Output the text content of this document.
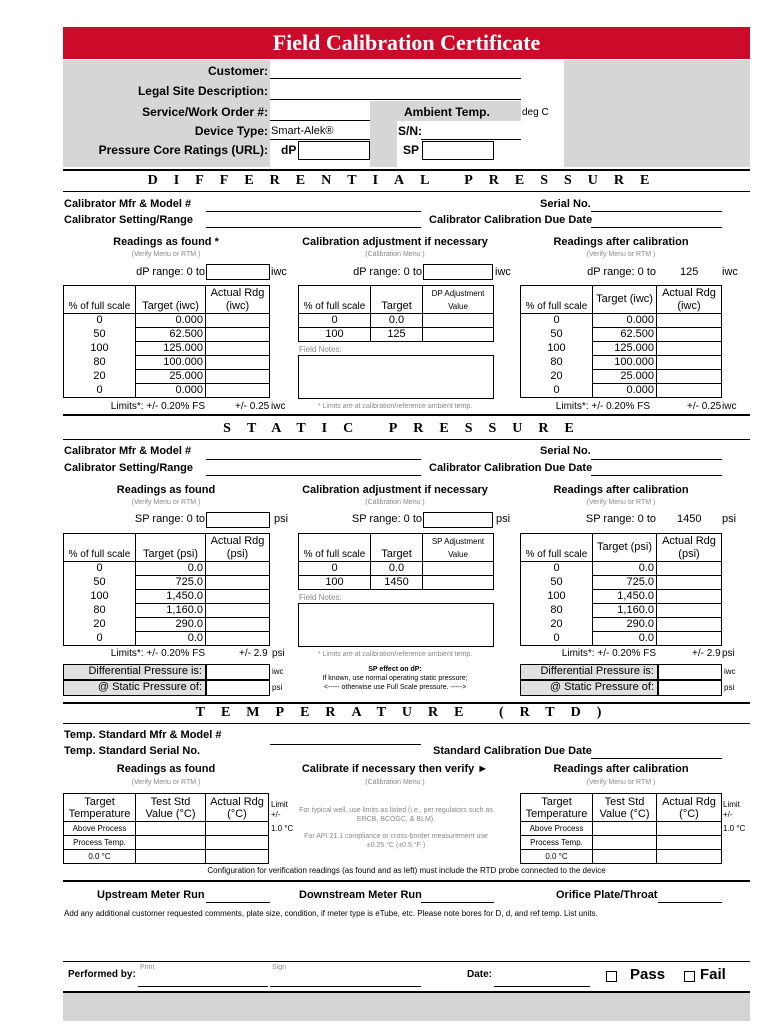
Field Calibration Certificate
Customer:
Legal Site Description:
Service/Work Order #:	Ambient Temp.	deg C
Device Type: Smart-Alek®	S/N:
Pressure Core Ratings (URL): dP	SP
DIFFERENTIAL PRESSURE
Calibrator Mfr & Model #	Serial No.
Calibrator Setting/Range	Calibrator Calibration Due Date
Readings as found *
(Verify Menu or RTM )
Calibration adjustment if necessary
(Calibration Menu )
Readings after calibration
(Verify Menu or RTM )
dP range: 0 to	iwc	dP range: 0 to	iwc	dP range: 0 to 125 iwc
% of full scale	Target (iwc)	Actual Rdg (iwc)

0	0.000	
50	62.500	
100	125.000	
80	100.000	
20	25.000	
0	0.000	
% of full scale	Target	DP Adjustment Value
0	0.0	
100	125	
Field Notes:
% of full scale	Target (iwc)	Actual Rdg (iwc)
0	0.000	
50	62.500	
100	125.000	
80	100.000	
20	25.000	
0	0.000	
Limits*: +/- 0.20% FS	+/- 0.25 iwc	* Limits are at calibration/reference ambient temp.	Limits*: +/- 0.20% FS	+/- 0.25 iwc
STATIC PRESSURE
Calibrator Mfr & Model #	Serial No.
Calibrator Setting/Range	Calibrator Calibration Due Date
Readings as found
(Verify Menu or RTM )
Calibration adjustment if necessary
(Calibration Menu )
Readings after calibration
(Verify Menu or RTM )
SP range: 0 to	psi	SP range: 0 to	psi	SP range: 0 to 1450 psi
% of full scale	Target (psi)	Actual Rdg (psi)
0	0.0	
50	725.0	
100	1,450.0	
80	1,160.0	
20	290.0	
0	0.0	
% of full scale	Target	SP Adjustment Value
0	0.0	
100	1450	
Field Notes:
% of full scale	Target (psi)	Actual Rdg (psi)
0	0.0	
50	725.0	
100	1,450.0	
80	1,160.0	
20	290.0	
0	0.0	
Limits*: +/- 0.20% FS	+/- 2.9 psi	* Limits are at calibration/reference ambient temp.	Limits*: +/- 0.20% FS	+/- 2.9 psi
Differential Pressure is:	iwc
@ Static Pressure of:	psi
SP effect on dP:
If known, use normal operating static pressure;
<----- otherwise use Full Scale pressure. ----->
Differential Pressure is:	iwc
@ Static Pressure of:	psi
TEMPERATURE (RTD)
Temp. Standard Mfr & Model #
Temp. Standard Serial No.	Standard Calibration Due Date
Readings as found
(Verify Menu or RTM )
Calibrate if necessary then verify ►
(Calibration Menu )
Readings after calibration
(Verify Menu or RTM )
Target Temperature	Test Std Value (°C)	Actual Rdg (°C)
Above Process		
Process Temp.		
0.0 °C		
Limit
+/-
1.0 °C
For typical well, use limits as listed (i.e., per regulators such as ERCB, BCOGC, & BLM).
For API 21.1 compliance or cross-border measurement use ±0.25 °C (±0.5 °F )
Target Temperature	Test Std Value (°C)	Actual Rdg (°C)
Above Process		
Process Temp.		
0.0 °C		
Limit
+/-
1.0 °C
Configuration for verification readings (as found and as left) must include the RTD probe connected to the device
Upstream Meter Run	Downstream Meter Run	Orifice Plate/Throat
Add any additional customer requested comments, plate size, condition, if meter type is eTube, etc. Please note bores for D, d, and ref temp. List units.
Performed by:
Print	Sign
Date:	Pass Fail
